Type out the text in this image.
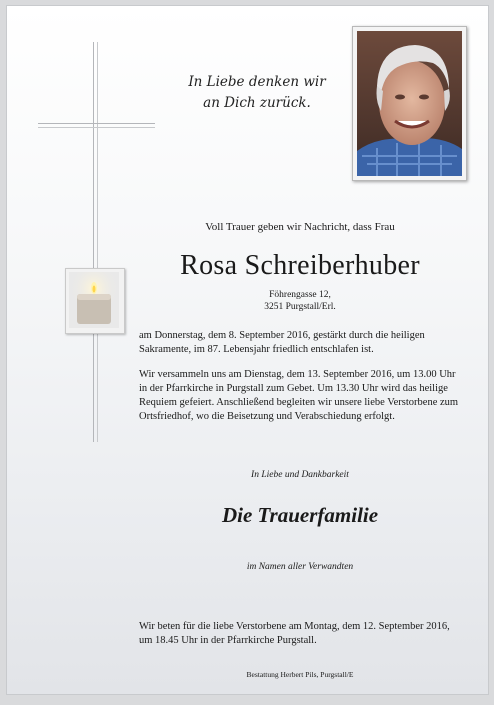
In Liebe denken wir
an Dich zurück.
Voll Trauer geben wir Nachricht, dass Frau
Rosa Schreiberhuber
Föhrengasse 12,
3251 Purgstall/Erl.
am Donnerstag, dem 8. September 2016, gestärkt durch die heiligen Sakramente, im 87. Lebensjahr friedlich entschlafen ist.
Wir versammeln uns am Dienstag, dem 13. September 2016, um 13.00 Uhr in der Pfarrkirche in Purgstall zum Gebet. Um 13.30 Uhr wird das heilige Requiem gefeiert. Anschließend begleiten wir unsere liebe Verstorbene zum Ortsfriedhof, wo die Beisetzung und Verabschiedung erfolgt.
In Liebe und Dankbarkeit
Die Trauerfamilie
im Namen aller Verwandten
Wir beten für die liebe Verstorbene am Montag, dem 12. September 2016, um 18.45 Uhr in der Pfarrkirche Purgstall.
Bestattung Herbert Pils, Purgstall/E
